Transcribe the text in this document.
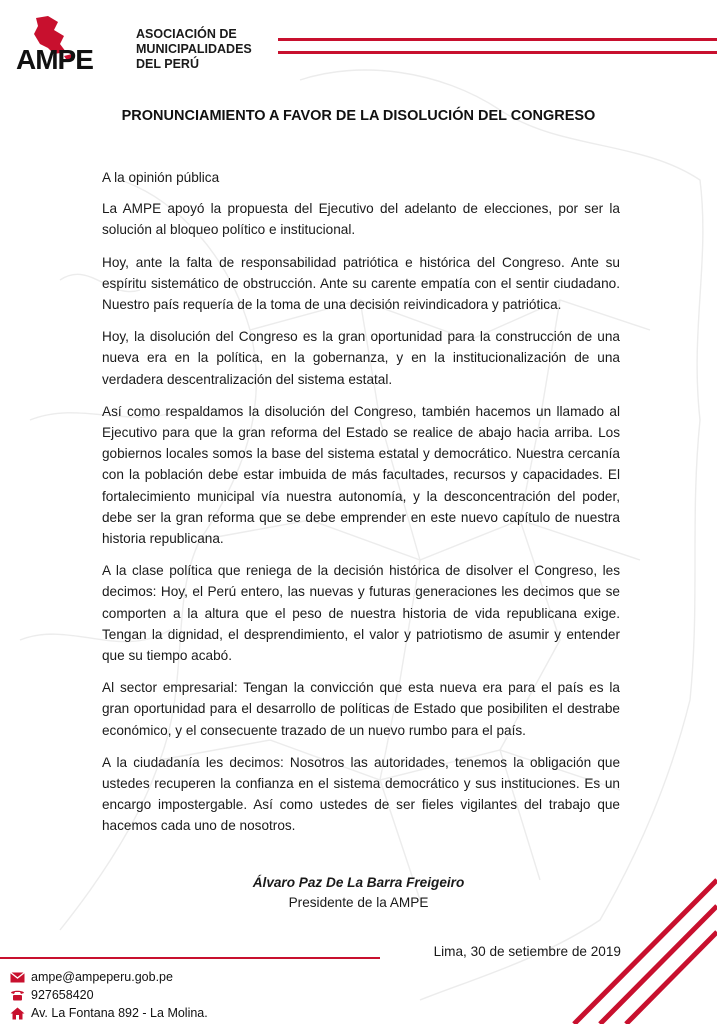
AMPE
ASOCIACIÓN DE
MUNICIPALIDADES
DEL PERÚ
PRONUNCIAMIENTO A FAVOR DE LA DISOLUCIÓN DEL CONGRESO

A la opinión pública

La AMPE apoyó la propuesta del Ejecutivo del adelanto de elecciones, por ser la solución al bloqueo político e institucional.

Hoy, ante la falta de responsabilidad patriótica e histórica del Congreso. Ante su espíritu sistemático de obstrucción. Ante su carente empatía con el sentir ciudadano. Nuestro país requería de la toma de una decisión reivindicadora y patriótica.

Hoy, la disolución del Congreso es la gran oportunidad para la construcción de una nueva era en la política, en la gobernanza, y en la institucionalización de una verdadera descentralización del sistema estatal.

Así como respaldamos la disolución del Congreso, también hacemos un llamado al Ejecutivo para que la gran reforma del Estado se realice de abajo hacia arriba. Los gobiernos locales somos la base del sistema estatal y democrático. Nuestra cercanía con la población debe estar imbuida de más facultades, recursos y capacidades. El fortalecimiento municipal vía nuestra autonomía, y la desconcentración del poder, debe ser la gran reforma que se debe emprender en este nuevo capítulo de nuestra historia republicana.

A la clase política que reniega de la decisión histórica de disolver el Congreso, les decimos: Hoy, el Perú entero, las nuevas y futuras generaciones les decimos que se comporten a la altura que el peso de nuestra historia de vida republicana exige. Tengan la dignidad, el desprendimiento, el valor y patriotismo de asumir y entender que su tiempo acabó.

Al sector empresarial: Tengan la convicción que esta nueva era para el país es la gran oportunidad para el desarrollo de políticas de Estado que posibiliten el destrabe económico, y el consecuente trazado de un nuevo rumbo para el país.

A la ciudadanía les decimos: Nosotros las autoridades, tenemos la obligación que ustedes recuperen la confianza en el sistema democrático y sus instituciones. Es un encargo impostergable. Así como ustedes de ser fieles vigilantes del trabajo que hacemos cada uno de nosotros.

Álvaro Paz De La Barra Freigeiro
Presidente de la AMPE
Lima, 30 de setiembre de 2019
ampe@ampeperu.gob.pe
927658420
Av. La Fontana 892 - La Molina.
